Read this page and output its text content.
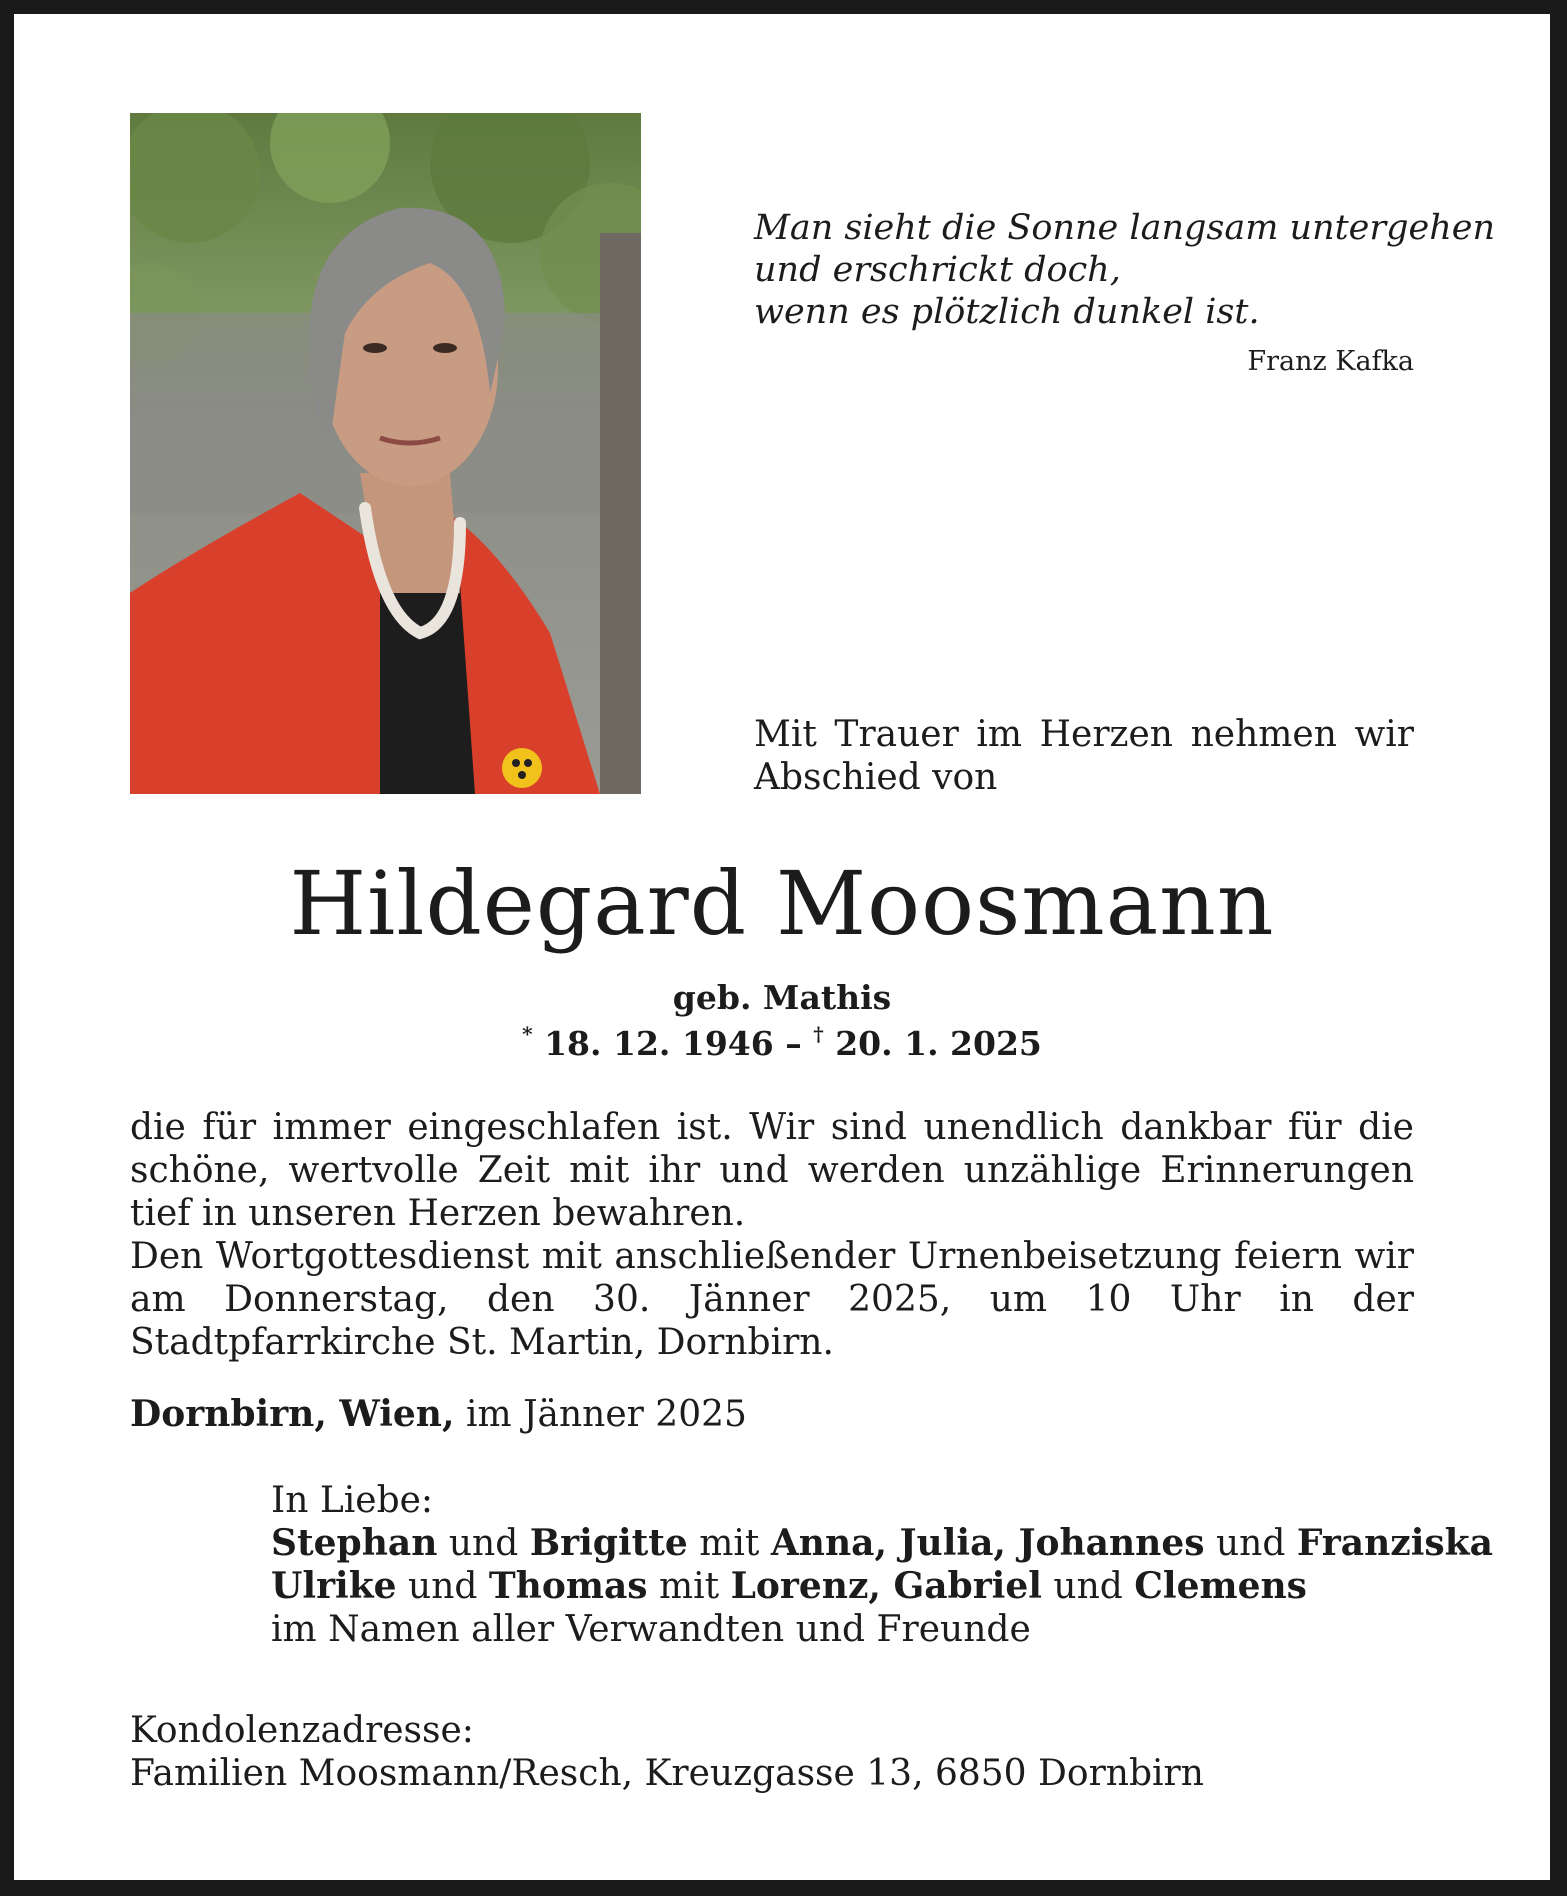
Man sieht die Sonne langsam untergehen
und erschrickt doch,
wenn es plötzlich dunkel ist.
Franz Kafka
Mit Trauer im Herzen nehmen wir Abschied von
Hildegard Moosmann
geb. Mathis
* 18. 12. 1946 – † 20. 1. 2025

die für immer eingeschlafen ist. Wir sind unendlich dankbar für die schöne, wertvolle Zeit mit ihr und werden unzählige Erinnerungen tief in unseren Herzen bewahren.

Den Wortgottesdienst mit anschließender Urnenbeisetzung feiern wir am Donnerstag, den 30. Jänner 2025, um 10 Uhr in der Stadtpfarrkirche St. Martin, Dornbirn.

Dornbirn, Wien, im Jänner 2025
In Liebe:
Stephan und Brigitte mit Anna, Julia, Johannes und Franziska
Ulrike und Thomas mit Lorenz, Gabriel und Clemens
im Namen aller Verwandten und Freunde
Kondolenzadresse:
Familien Moosmann/Resch, Kreuzgasse 13, 6850 Dornbirn
